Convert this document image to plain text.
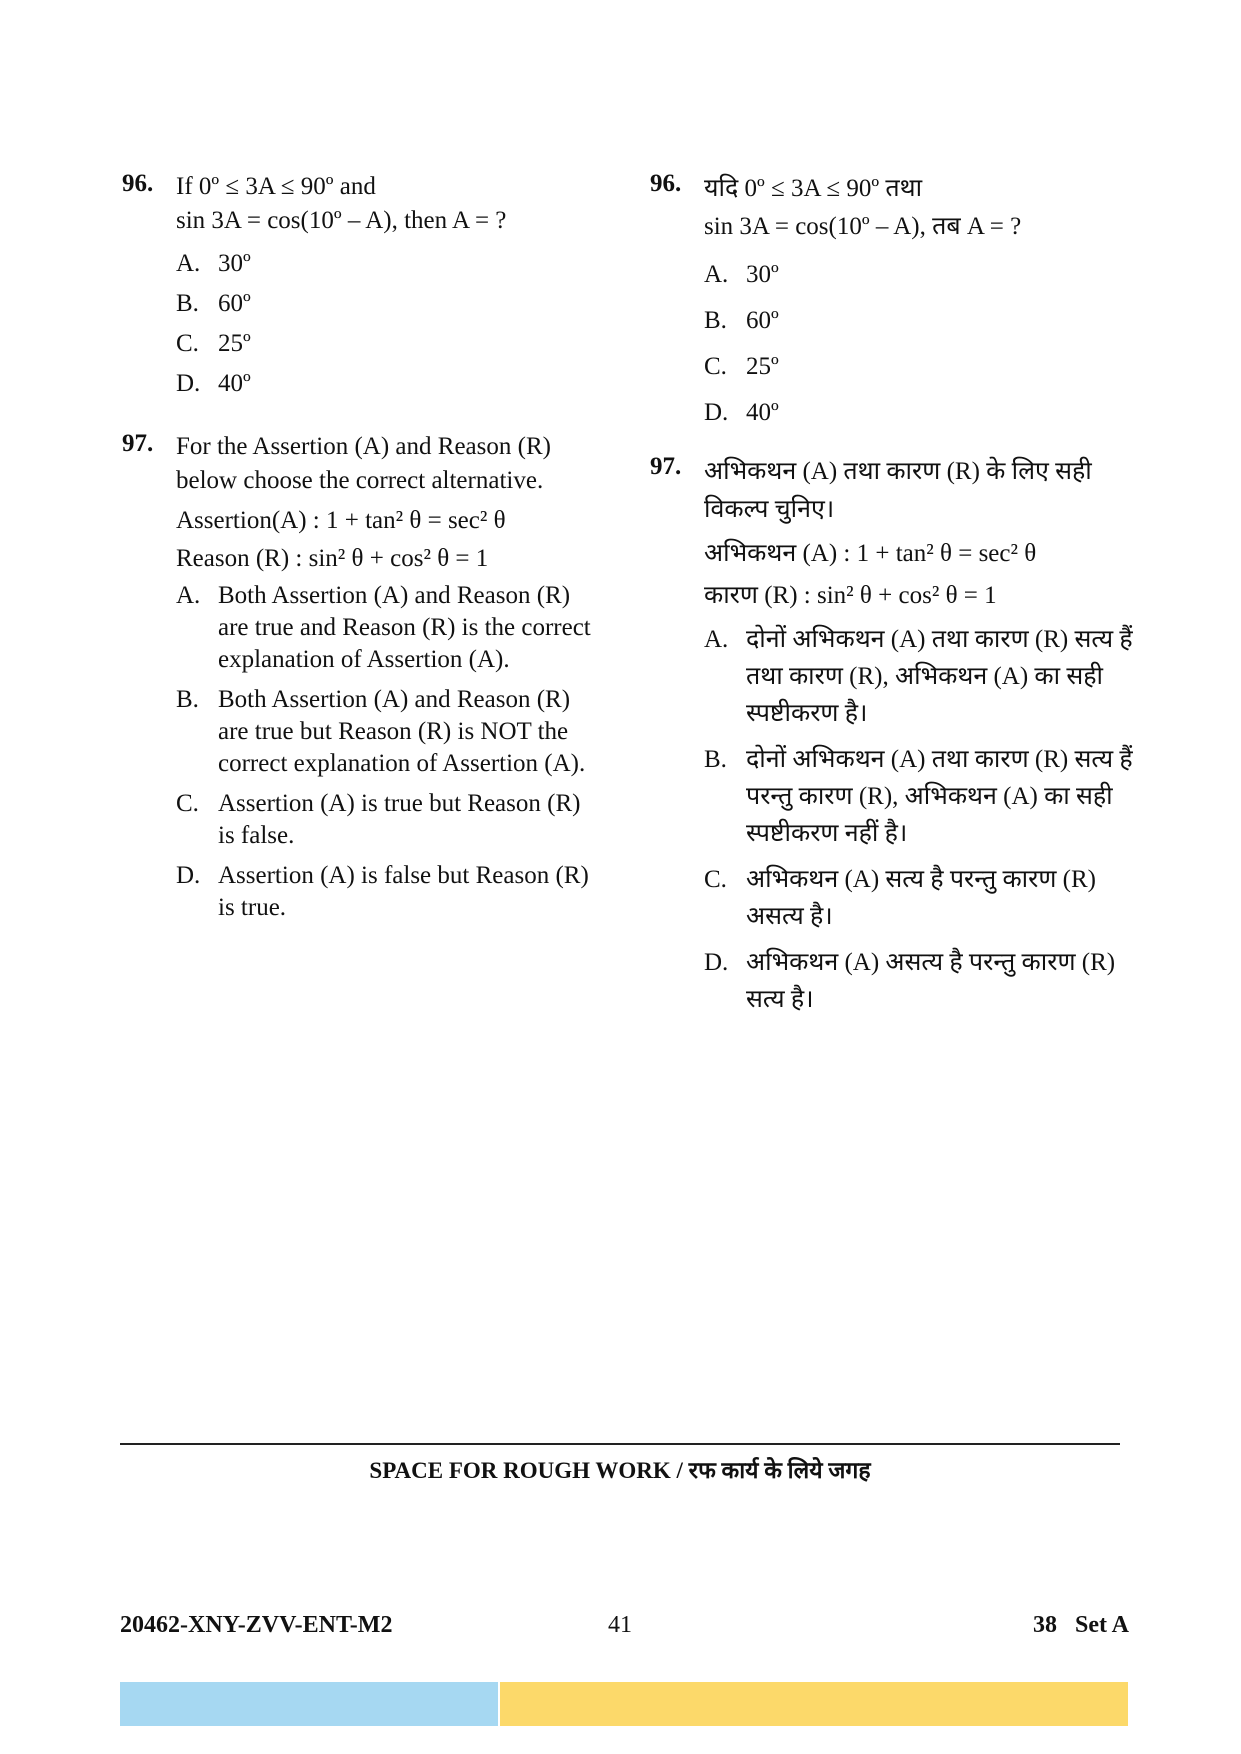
96. If 0º ≤ 3A ≤ 90º and

sin 3A = cos(10º – A), then A = ?

A. 30º
B. 60º
C. 25º
D. 40º
97. For the Assertion (A) and Reason (R) below choose the correct alternative.

Assertion(A) : 1 + tan² θ = sec² θ

Reason (R) : sin² θ + cos² θ = 1

A. Both Assertion (A) and Reason (R) are true and Reason (R) is the correct explanation of Assertion (A).
B. Both Assertion (A) and Reason (R) are true but Reason (R) is NOT the correct explanation of Assertion (A).
C. Assertion (A) is true but Reason (R) is false.
D. Assertion (A) is false but Reason (R) is true.
96. यदि 0º ≤ 3A ≤ 90º तथा

sin 3A = cos(10º – A), तब A = ?

A. 30º
B. 60º
C. 25º
D. 40º
97. अभिकथन (A) तथा कारण (R) के लिए सही विकल्प चुनिए।

अभिकथन (A) : 1 + tan² θ = sec² θ

कारण (R) : sin² θ + cos² θ = 1

A. दोनों अभिकथन (A) तथा कारण (R) सत्य हैं तथा कारण (R), अभिकथन (A) का सही स्पष्टीकरण है।
B. दोनों अभिकथन (A) तथा कारण (R) सत्य हैं परन्तु कारण (R), अभिकथन (A) का सही स्पष्टीकरण नहीं है।
C. अभिकथन (A) सत्य है परन्तु कारण (R) असत्य है।
D. अभिकथन (A) असत्य है परन्तु कारण (R) सत्य है।
SPACE FOR ROUGH WORK / रफ कार्य के लिये जगह
20462-XNY-ZVV-ENT-M2	41	38   Set A
